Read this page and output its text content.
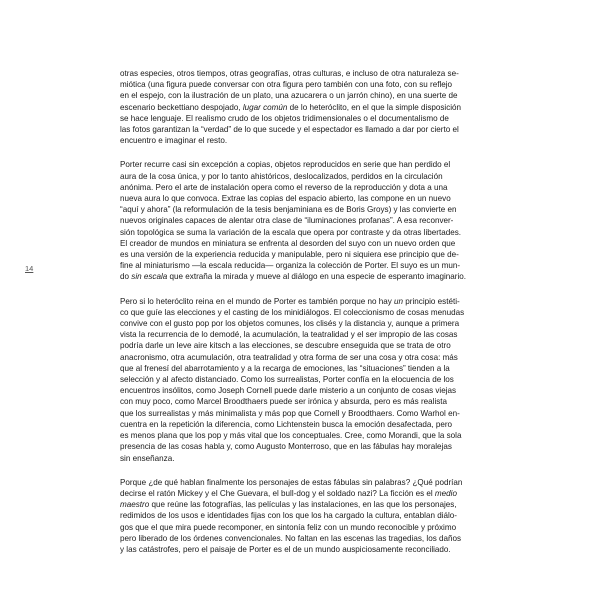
14

otras especies, otros tiempos, otras geografías, otras culturas, e incluso de otra naturaleza se-
miótica (una figura puede conversar con otra figura pero también con una foto, con su reflejo
en el espejo, con la ilustración de un plato, una azucarera o un jarrón chino), en una suerte de
escenario beckettiano despojado, lugar común de lo heteróclito, en el que la simple disposición
se hace lenguaje. El realismo crudo de los objetos tridimensionales o el documentalismo de
las fotos garantizan la “verdad” de lo que sucede y el espectador es llamado a dar por cierto el
encuentro e imaginar el resto.

Porter recurre casi sin excepción a copias, objetos reproducidos en serie que han perdido el
aura de la cosa única, y por lo tanto ahistóricos, deslocalizados, perdidos en la circulación
anónima. Pero el arte de instalación opera como el reverso de la reproducción y dota a una
nueva aura lo que convoca. Extrae las copias del espacio abierto, las compone en un nuevo
“aquí y ahora” (la reformulación de la tesis benjaminiana es de Boris Groys) y las convierte en
nuevos originales capaces de alentar otra clase de “iluminaciones profanas”. A esa reconver-
sión topológica se suma la variación de la escala que opera por contraste y da otras libertades.
El creador de mundos en miniatura se enfrenta al desorden del suyo con un nuevo orden que
es una versión de la experiencia reducida y manipulable, pero ni siquiera ese principio que de-
fine al miniaturismo —la escala reducida— organiza la colección de Porter. El suyo es un mun-
do sin escala que extraña la mirada y mueve al diálogo en una especie de esperanto imaginario.

Pero si lo heteróclito reina en el mundo de Porter es también porque no hay un principio estéti-
co que guíe las elecciones y el casting de los minidiálogos. El coleccionismo de cosas menudas
convive con el gusto pop por los objetos comunes, los clisés y la distancia y, aunque a primera
vista la recurrencia de lo demodé, la acumulación, la teatralidad y el ser impropio de las cosas
podría darle un leve aire kitsch a las elecciones, se descubre enseguida que se trata de otro
anacronismo, otra acumulación, otra teatralidad y otra forma de ser una cosa y otra cosa: más
que al frenesí del abarrotamiento y a la recarga de emociones, las “situaciones” tienden a la
selección y al afecto distanciado. Como los surrealistas, Porter confía en la elocuencia de los
encuentros insólitos, como Joseph Cornell puede darle misterio a un conjunto de cosas viejas
con muy poco, como Marcel Broodthaers puede ser irónica y absurda, pero es más realista
que los surrealistas y más minimalista y más pop que Cornell y Broodthaers. Como Warhol en-
cuentra en la repetición la diferencia, como Lichtenstein busca la emoción desafectada, pero
es menos plana que los pop y más vital que los conceptuales. Cree, como Morandi, que la sola
presencia de las cosas habla y, como Augusto Monterroso, que en las fábulas hay moralejas
sin enseñanza.

Porque ¿de qué hablan finalmente los personajes de estas fábulas sin palabras? ¿Qué podrían
decirse el ratón Mickey y el Che Guevara, el bull-dog y el soldado nazi? La ficción es el medio
maestro que reúne las fotografías, las películas y las instalaciones, en las que los personajes,
redimidos de los usos e identidades fijas con los que los ha cargado la cultura, entablan diálo-
gos que el que mira puede recomponer, en sintonía feliz con un mundo reconocible y próximo
pero liberado de los órdenes convencionales. No faltan en las escenas las tragedias, los daños
y las catástrofes, pero el paisaje de Porter es el de un mundo auspiciosamente reconciliado.
